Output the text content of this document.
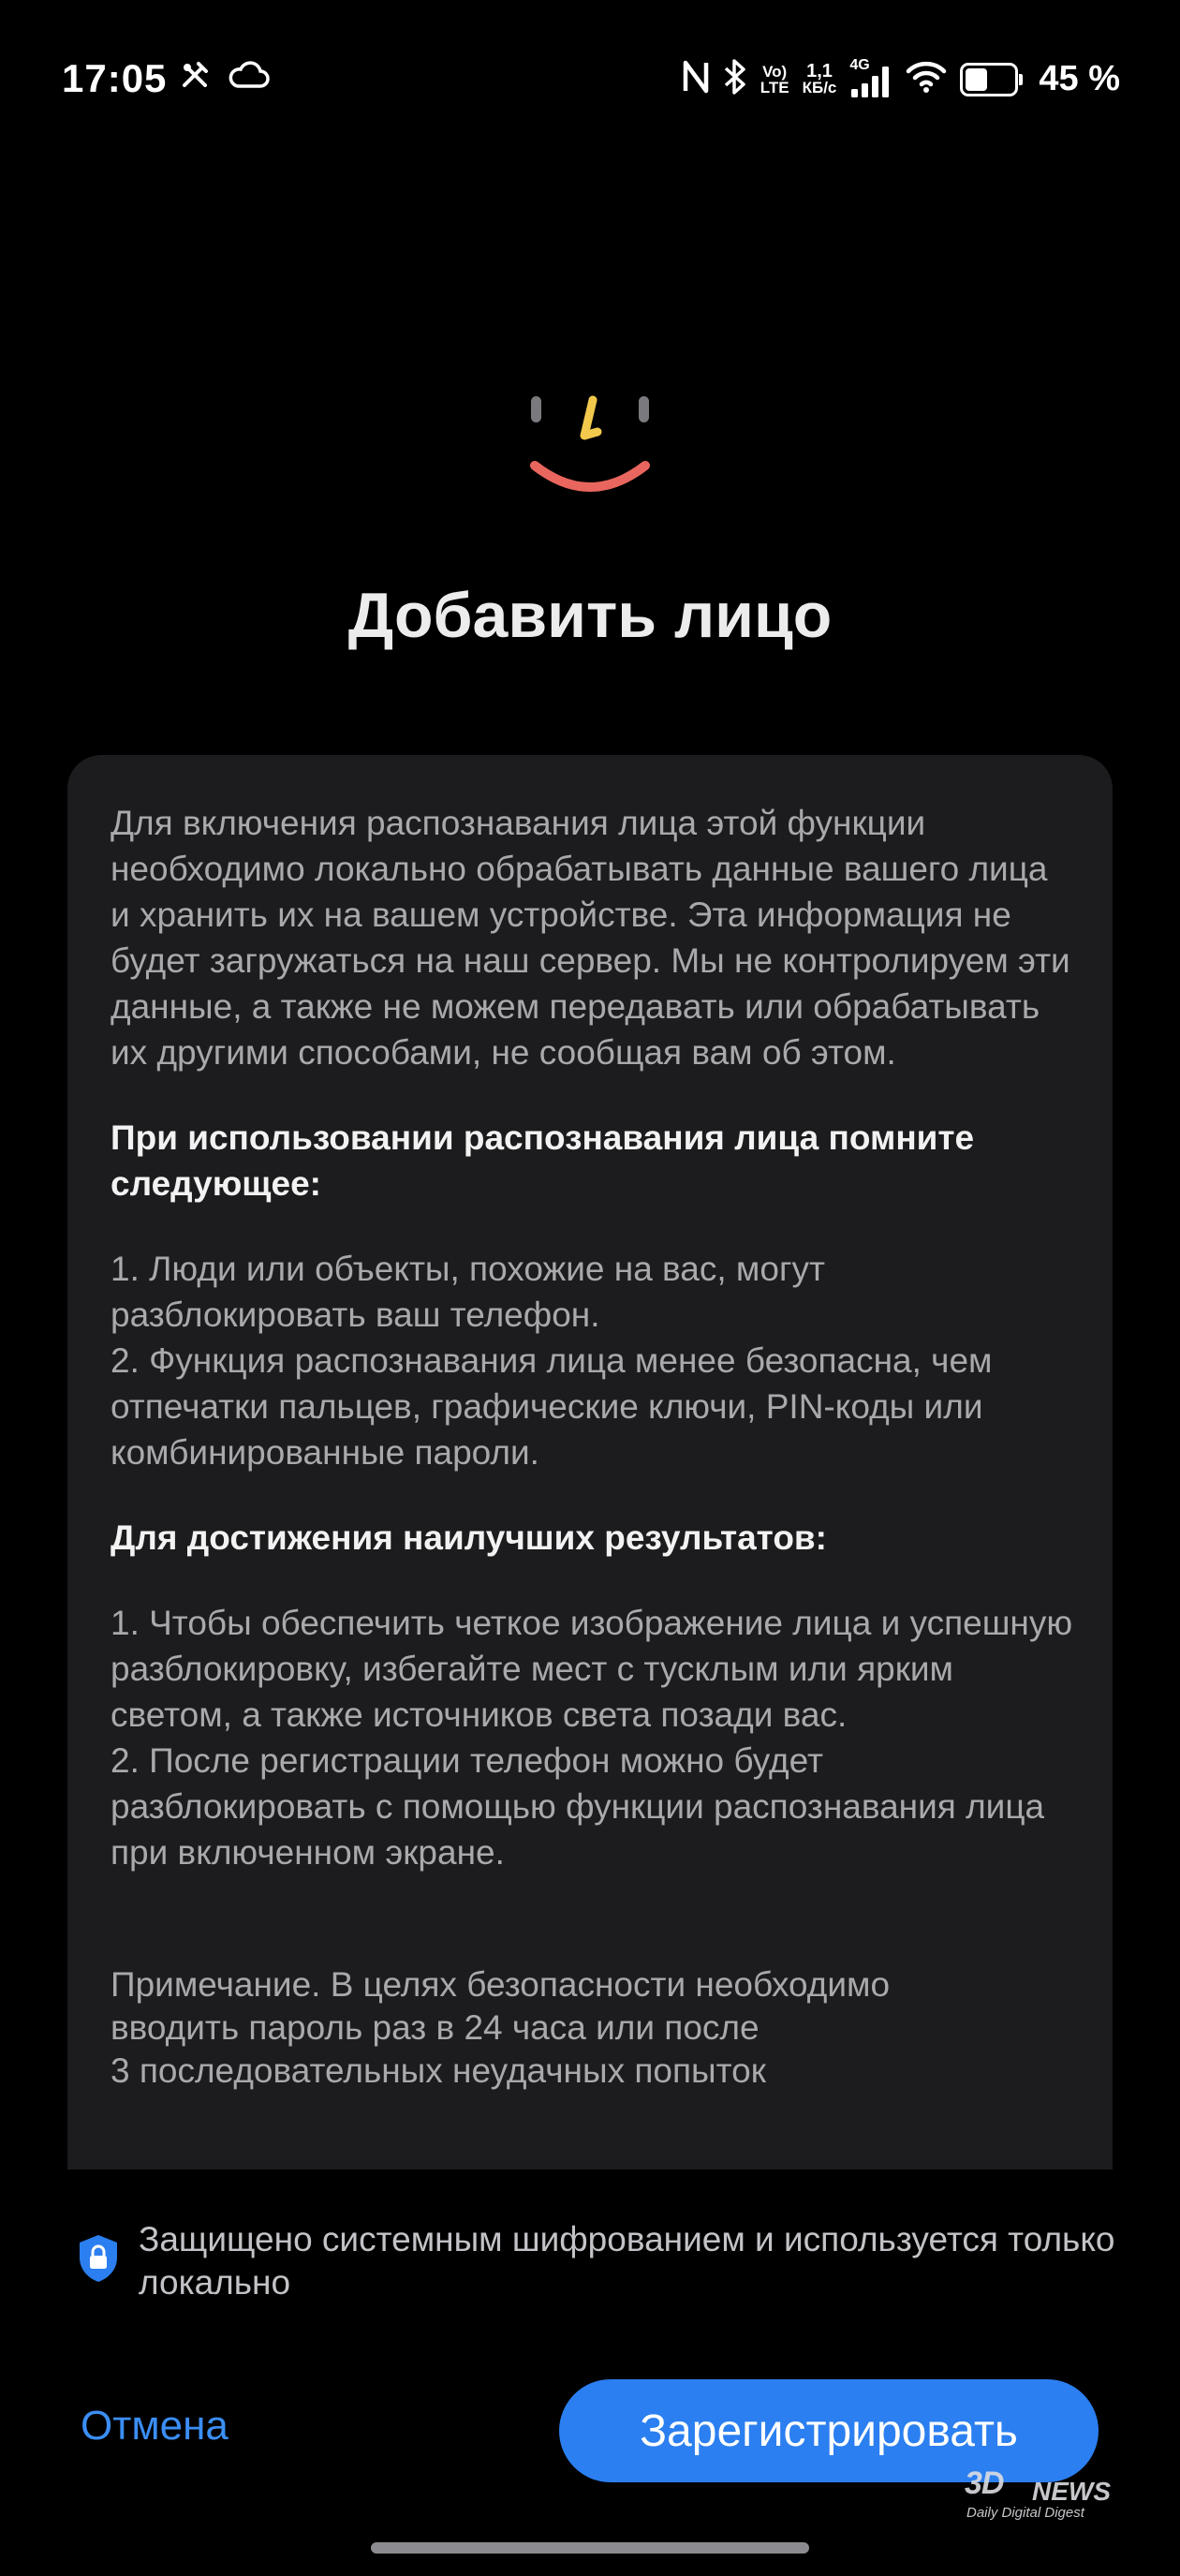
17:05	Vo)
LTE
1,1
КБ/с
4G	45 %
Добавить лицо

Для включения распознавания лица этой функции необходимо локально обрабатывать данные вашего лица и хранить их на вашем устройстве. Эта информация не будет загружаться на наш сервер. Мы не контролируем эти данные, а также не можем передавать или обрабатывать их другими способами, не сообщая вам об этом.

При использовании распознавания лица помните следующее:

1. Люди или объекты, похожие на вас, могут разблокировать ваш телефон.

2. Функция распознавания лица менее безопасна, чем отпечатки пальцев, графические ключи, PIN-коды или комбинированные пароли.

Для достижения наилучших результатов:

1. Чтобы обеспечить четкое изображение лица и успешную разблокировку, избегайте мест с тусклым или ярким светом, а также источников света позади вас.

2. После регистрации телефон можно будет разблокировать с помощью функции распознавания лица при включенном экране.

Примечание. В целях безопасности необходимо

вводить пароль раз в 24 часа или после

3 последовательных неудачных попыток

Защищено системным шифрованием и используется только локально
Отмена	Зарегистрировать
3D NEWS
Daily Digital Digest
